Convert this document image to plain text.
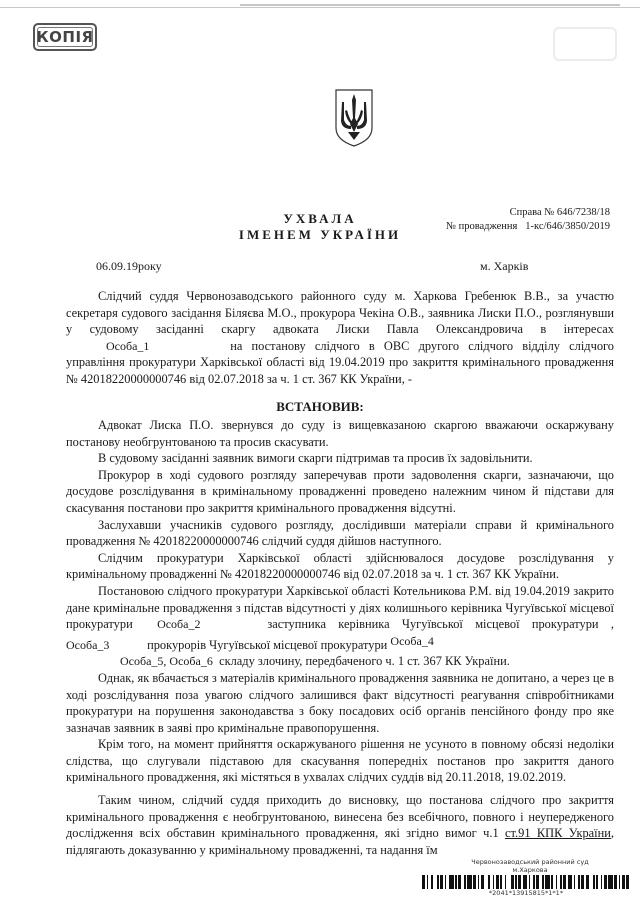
КОПІЯ
Справа № 646/7238/18
№ провадження   1-кс/646/3850/2019
УХВАЛА
ІМЕНЕМ УКРАЇНИ
06.09.19року	м. Харків

Слідчий суддя Червонозаводського районного суду м. Харкова Гребенюк В.В., за участю секретаря судового засідання Біляєва М.О., прокурора Чекіна О.В., заявника Лиски П.О., розглянувши у судовому засіданні скаргу адвоката Лиски Павла Олександровича в інтересах Особа_1	на постанову слідчого в ОВС другого слідчого відділу слідчого управління прокуратури Харківської області від 19.04.2019 про закриття кримінального провадження № 42018220000000746 від 02.07.2018 за ч. 1 ст. 367 КК України, -

ВСТАНОВИВ:

Адвокат Лиска П.О. звернувся до суду із вищевказаною скаргою вважаючи оскаржувану постанову необгрунтованою та просив скасувати.

В судовому засіданні заявник вимоги скарги підтримав та просив їх задовільнити.

Прокурор в ході судового розгляду заперечував проти задоволення скарги, зазначаючи, що досудове розслідування в кримінальному провадженні проведено належним чином й підстави для скасування постанови про закриття кримінального провадження відсутні.

Заслухавши учасників судового розгляду, дослідивши матеріали справи й кримінального провадження № 42018220000000746 слідчий суддя дійшов наступного.

Слідчим прокуратури Харківської області здійснювалося досудове розслідування у кримінальному провадженні № 42018220000000746 від 02.07.2018 за ч. 1 ст. 367 КК України.

Постановою слідчого прокуратури Харківської області Котельникова Р.М. від 19.04.2019 закрито дане кримінальне провадження з підстав відсутності у діях колишнього керівника Чугуївської місцевої прокуратури Особа_2	заступника керівника Чугуївської місцевої прокуратури , Особа_3	прокурорів Чугуївської місцевої прокуратури Особа_4
Особа_5, Особа_6 складу злочину, передбаченого ч. 1 ст. 367 КК України.

Однак, як вбачається з матеріалів кримінального провадження заявника не допитано, а через це в ході розслідування поза увагою слідчого залишився факт відсутності реагування співробітниками прокуратури на порушення законодавства з боку посадових осіб органів пенсійного фонду про яке зазначав заявник в заяві про кримінальне правопорушення.

Крім того, на момент прийняття оскаржуваного рішення не усуното в повному обсязі недоліки слідства, що слугували підставою для скасування попередніх постанов про закриття даного кримінального провадження, які містяться в ухвалах слідчих суддів від 20.11.2018, 19.02.2019.

Таким чином, слідчий суддя приходить до висновку, що постанова слідчого про закриття кримінального провадження є необгрунтованою, винесена без всебічного, повного і неупередженого дослідження всіх обставин кримінального провадження, які згідно вимог ч.1 ст.91 КПК України, підлягають доказуванню у кримінальному провадженні, та надання їм

Червонозаводський районний суд
м.Харкова
*2041*13915815*1*1*
